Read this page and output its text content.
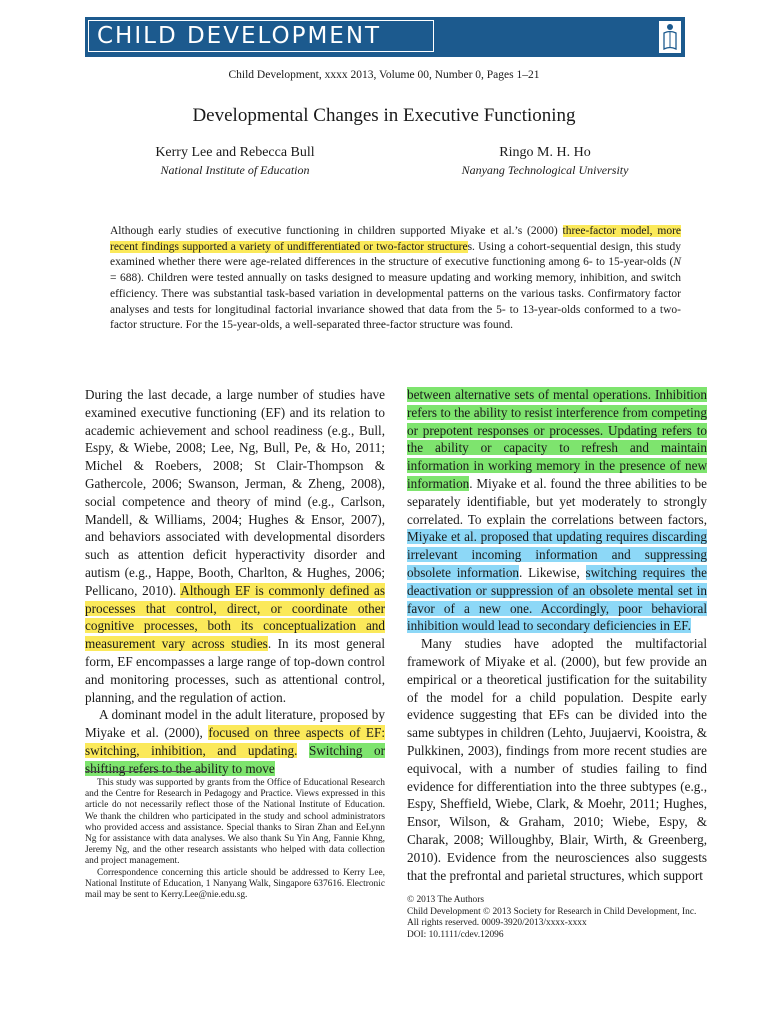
CHILD DEVELOPMENT
Child Development, xxxx 2013, Volume 00, Number 0, Pages 1–21
Developmental Changes in Executive Functioning
Kerry Lee and Rebecca Bull
National Institute of Education
Ringo M. H. Ho
Nanyang Technological University
Although early studies of executive functioning in children supported Miyake et al.’s (2000) three-factor model, more recent findings supported a variety of undifferentiated or two-factor structures. Using a cohort-sequential design, this study examined whether there were age-related differences in the structure of executive functioning among 6- to 15-year-olds (N = 688). Children were tested annually on tasks designed to measure updating and working memory, inhibition, and switch efficiency. There was substantial task-based variation in developmental patterns on the various tasks. Confirmatory factor analyses and tests for longitudinal factorial invariance showed that data from the 5- to 13-year-olds conformed to a two-factor structure. For the 15-year-olds, a well-separated three-factor structure was found.

During the last decade, a large number of studies have examined executive functioning (EF) and its relation to academic achievement and school readiness (e.g., Bull, Espy, & Wiebe, 2008; Lee, Ng, Bull, Pe, & Ho, 2011; Michel & Roebers, 2008; St Clair-Thompson & Gathercole, 2006; Swanson, Jerman, & Zheng, 2008), social competence and theory of mind (e.g., Carlson, Mandell, & Williams, 2004; Hughes & Ensor, 2007), and behaviors associated with developmental disorders such as attention deficit hyperactivity disorder and autism (e.g., Happe, Booth, Charlton, & Hughes, 2006; Pellicano, 2010). Although EF is commonly defined as processes that control, direct, or coordinate other cognitive processes, both its conceptualization and measurement vary across studies. In its most general form, EF encompasses a large range of top-down control and monitoring processes, such as attentional control, planning, and the regulation of action.

A dominant model in the adult literature, proposed by Miyake et al. (2000), focused on three aspects of EF: switching, inhibition, and updating. Switching or shifting refers to the ability to move

between alternative sets of mental operations. Inhibition refers to the ability to resist interference from competing or prepotent responses or processes. Updating refers to the ability or capacity to refresh and maintain information in working memory in the presence of new information. Miyake et al. found the three abilities to be separately identifiable, but yet moderately to strongly correlated. To explain the correlations between factors, Miyake et al. proposed that updating requires discarding irrelevant incoming information and suppressing obsolete information. Likewise, switching requires the deactivation or suppression of an obsolete mental set in favor of a new one. Accordingly, poor behavioral inhibition would lead to secondary deficiencies in EF.

Many studies have adopted the multifactorial framework of Miyake et al. (2000), but few provide an empirical or a theoretical justification for the suitability of the model for a child population. Despite early evidence suggesting that EFs can be divided into the same subtypes in children (Lehto, Juujaervi, Kooistra, & Pulkkinen, 2003), findings from more recent studies are equivocal, with a number of studies failing to find evidence for differentiation into the three subtypes (e.g., Espy, Sheffield, Wiebe, Clark, & Moehr, 2011; Hughes, Ensor, Wilson, & Graham, 2010; Wiebe, Espy, & Charak, 2008; Willoughby, Blair, Wirth, & Greenberg, 2010). Evidence from the neurosciences also suggests that the prefrontal and parietal structures, which support

This study was supported by grants from the Office of Educational Research and the Centre for Research in Pedagogy and Practice. Views expressed in this article do not necessarily reflect those of the National Institute of Education. We thank the children who participated in the study and school administrators who provided access and assistance. Special thanks to Siran Zhan and EeLynn Ng for assistance with data analyses. We also thank Su Yin Ang, Fannie Khng, Jeremy Ng, and the other research assistants who helped with data collection and project management.

Correspondence concerning this article should be addressed to Kerry Lee, National Institute of Education, 1 Nanyang Walk, Singapore 637616. Electronic mail may be sent to Kerry.Lee@nie.edu.sg.	© 2013 The Authors
Child Development © 2013 Society for Research in Child Development, Inc.
All rights reserved. 0009-3920/2013/xxxx-xxxx
DOI: 10.1111/cdev.12096
